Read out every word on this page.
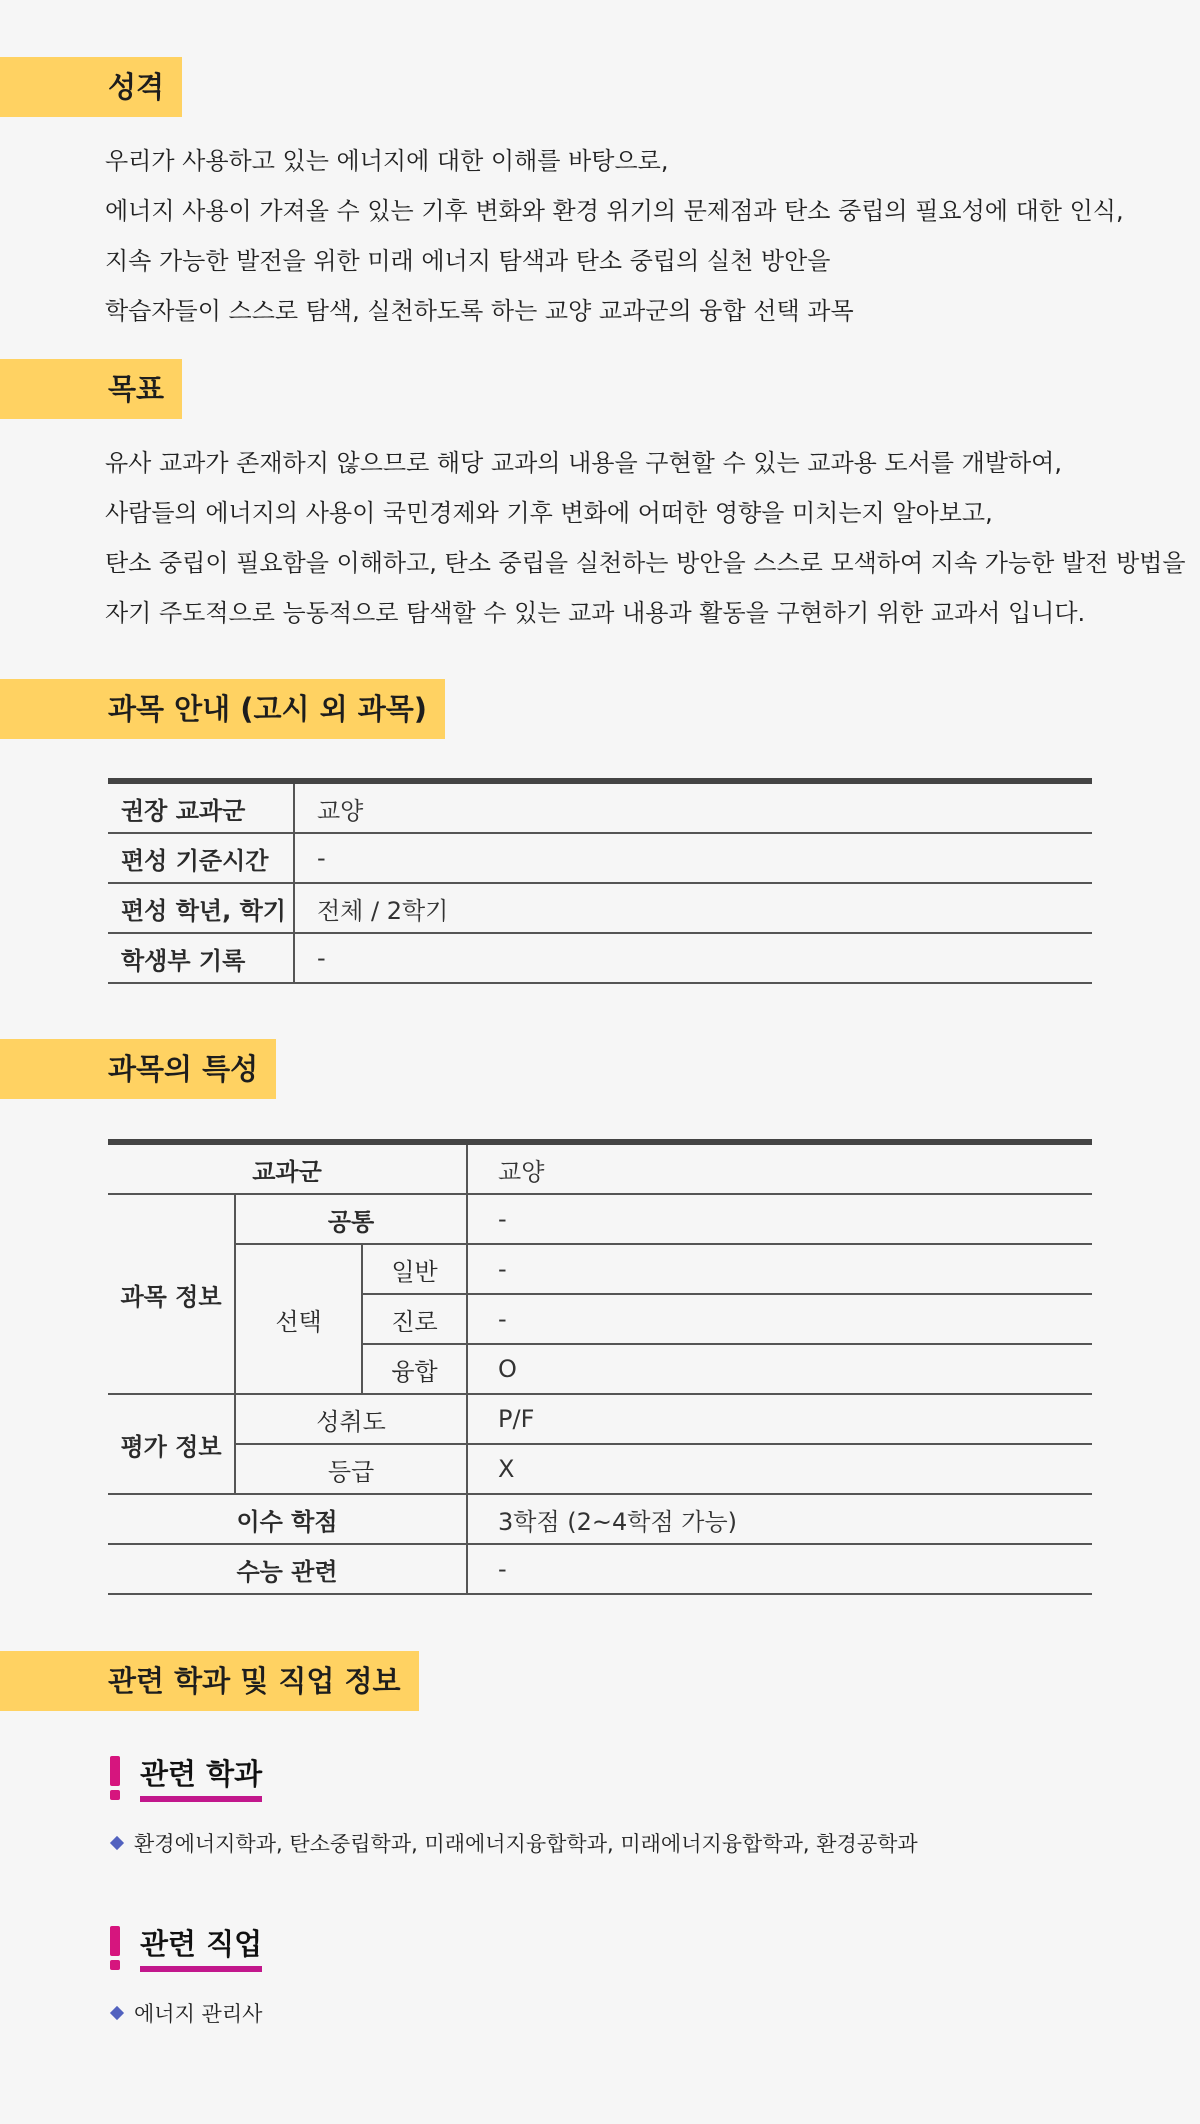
성격
우리가 사용하고 있는 에너지에 대한 이해를 바탕으로,
에너지 사용이 가져올 수 있는 기후 변화와 환경 위기의 문제점과 탄소 중립의 필요성에 대한 인식,
지속 가능한 발전을 위한 미래 에너지 탐색과 탄소 중립의 실천 방안을
학습자들이 스스로 탐색, 실천하도록 하는 교양 교과군의 융합 선택 과목
목표
유사 교과가 존재하지 않으므로 해당 교과의 내용을 구현할 수 있는 교과용 도서를 개발하여,
사람들의 에너지의 사용이 국민경제와 기후 변화에 어떠한 영향을 미치는지 알아보고,
탄소 중립이 필요함을 이해하고, 탄소 중립을 실천하는 방안을 스스로 모색하여 지속 가능한 발전 방법을
자기 주도적으로 능동적으로 탐색할 수 있는 교과 내용과 활동을 구현하기 위한 교과서 입니다.
과목 안내 (고시 외 과목)
권장 교과군	교양
편성 기준시간	-
편성 학년, 학기	전체 / 2학기
학생부 기록	-
과목의 특성
교과군			교양
과목 정보	공통		-
	선택	일반	-
		진로	-
		융합	O
평가 정보	성취도		P/F
	등급		X
이수 학점			3학점 (2~4학점 가능)
수능 관련			-
관련 학과 및 직업 정보
관련 학과
환경에너지학과, 탄소중립학과, 미래에너지융합학과, 미래에너지융합학과, 환경공학과
관련 직업
에너지 관리사
